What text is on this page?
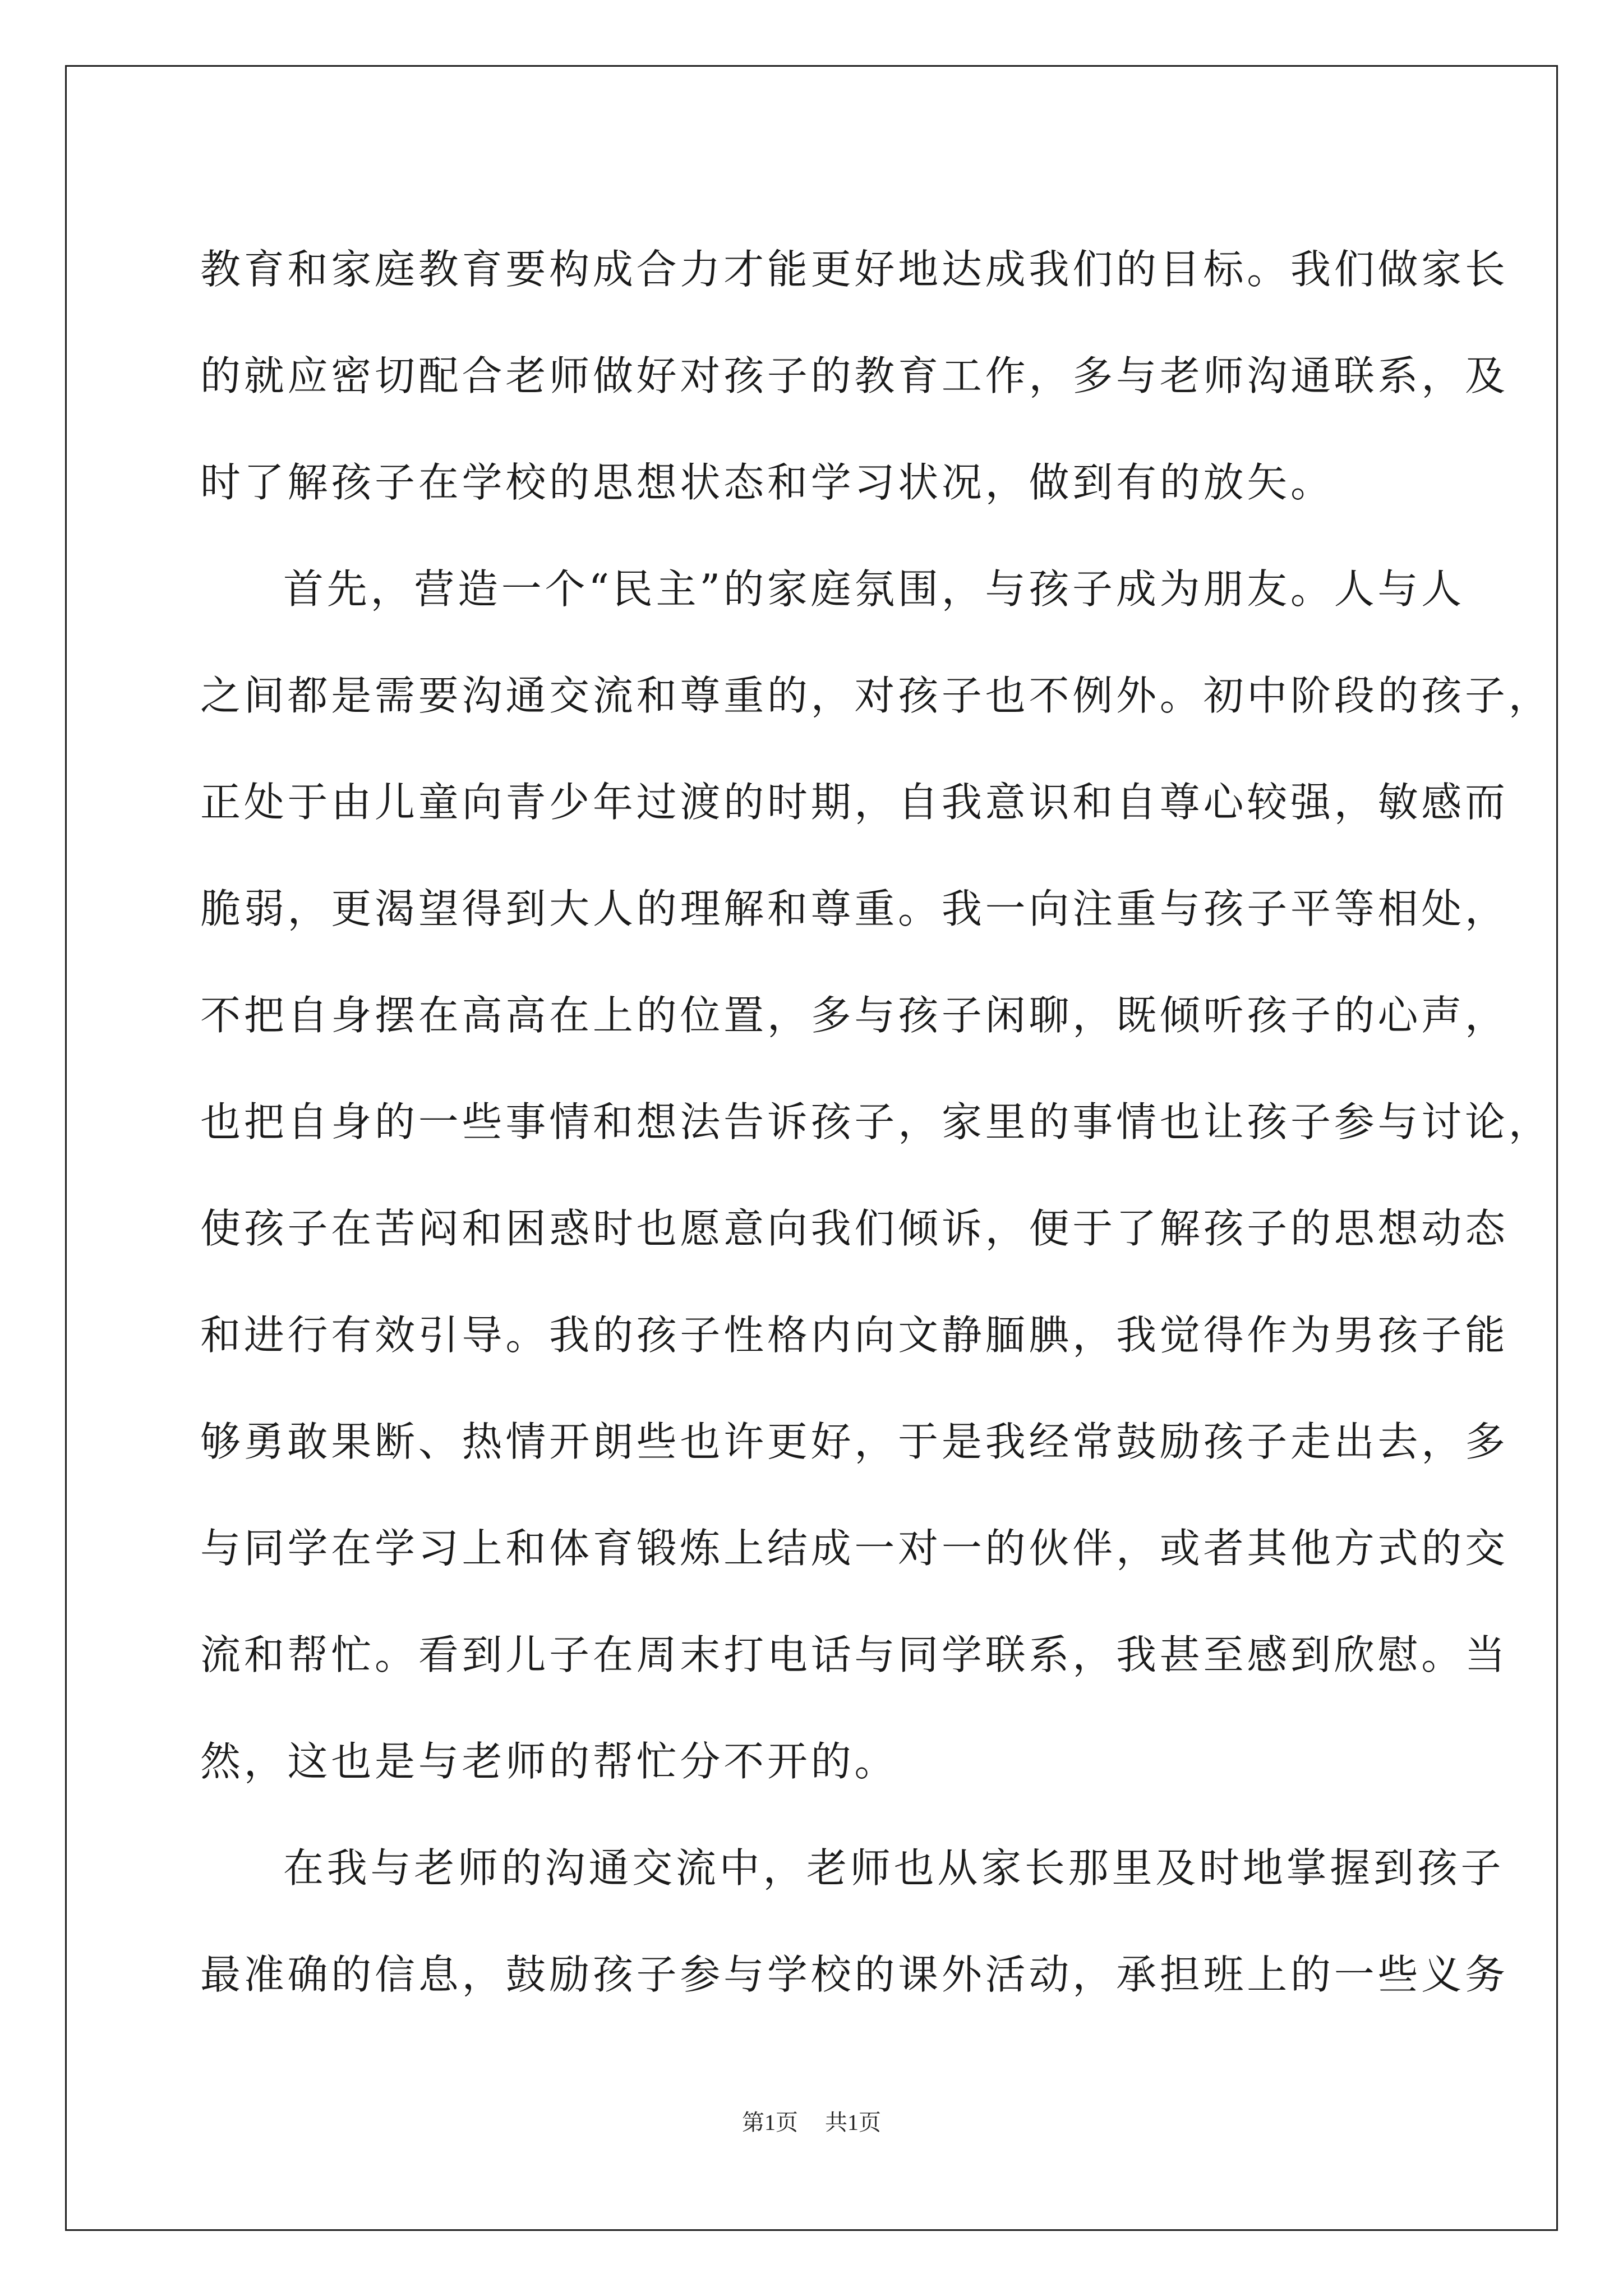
教育和家庭教育要构成合力才能更好地达成我们的目标。我们做家长
的就应密切配合老师做好对孩子的教育工作，多与老师沟通联系，及
时了解孩子在学校的思想状态和学习状况，做到有的放矢。
首先，营造一个“民主”的家庭氛围，与孩子成为朋友。人与人
之间都是需要沟通交流和尊重的，对孩子也不例外。初中阶段的孩子，
正处于由儿童向青少年过渡的时期，自我意识和自尊心较强，敏感而
脆弱，更渴望得到大人的理解和尊重。我一向注重与孩子平等相处，
不把自身摆在高高在上的位置，多与孩子闲聊，既倾听孩子的心声，
也把自身的一些事情和想法告诉孩子，家里的事情也让孩子参与讨论，
使孩子在苦闷和困惑时也愿意向我们倾诉，便于了解孩子的思想动态
和进行有效引导。我的孩子性格内向文静腼腆，我觉得作为男孩子能
够勇敢果断、热情开朗些也许更好，于是我经常鼓励孩子走出去，多
与同学在学习上和体育锻炼上结成一对一的伙伴，或者其他方式的交
流和帮忙。看到儿子在周末打电话与同学联系，我甚至感到欣慰。当
然，这也是与老师的帮忙分不开的。
在我与老师的沟通交流中，老师也从家长那里及时地掌握到孩子
最准确的信息，鼓励孩子参与学校的课外活动，承担班上的一些义务
第1页 共1页
